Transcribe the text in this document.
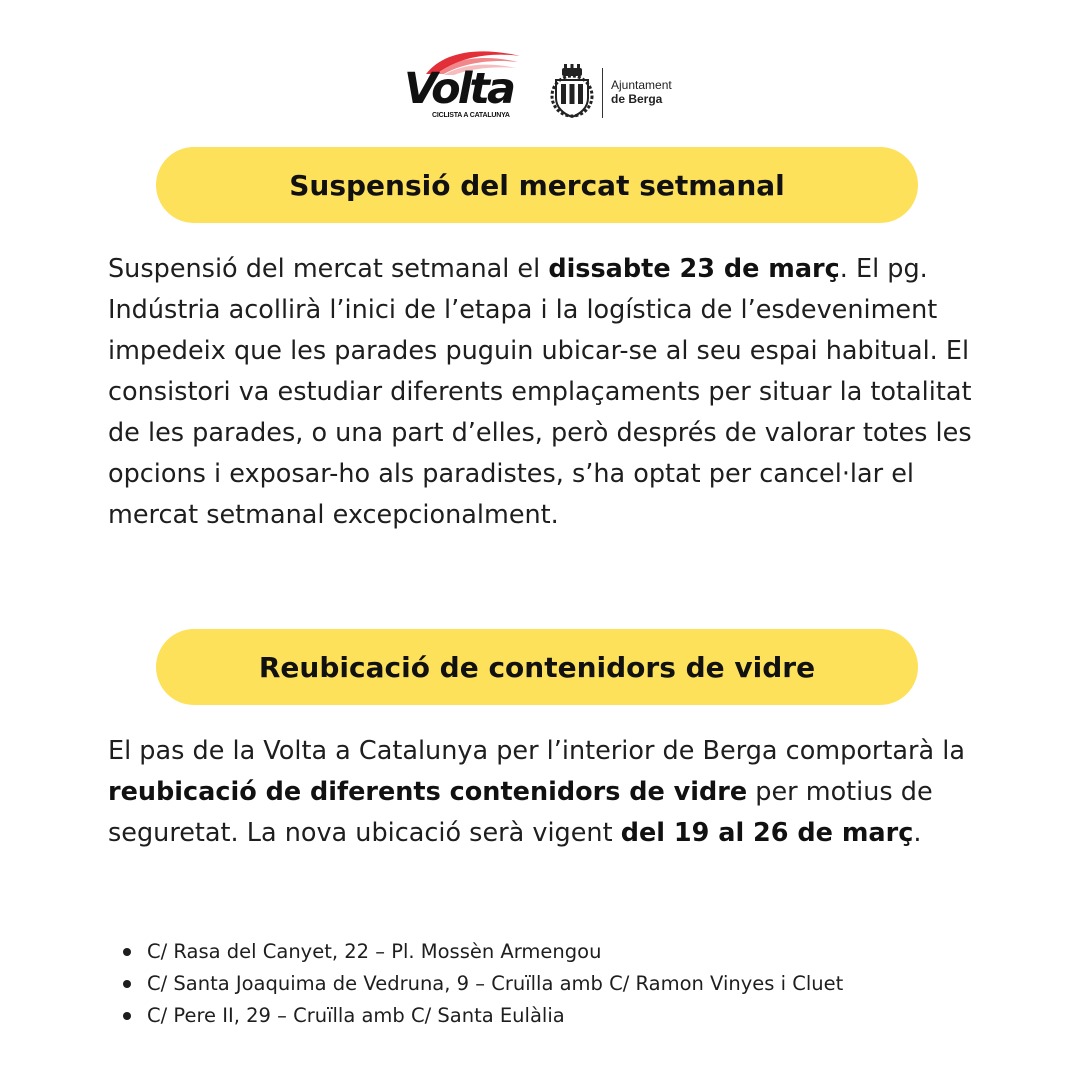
Volta
CICLISTA A CATALUNYA
Ajuntament
de Berga
Suspensió del mercat setmanal

Suspensió del mercat setmanal el dissabte 23 de març. El pg. Indústria acollirà l’inici de l’etapa i la logística de l’esdeveniment impedeix que les parades puguin ubicar-se al seu espai habitual. El consistori va estudiar diferents emplaçaments per situar la totalitat de les parades, o una part d’elles, però després de valorar totes les opcions i exposar-ho als paradistes, s’ha optat per cancel·lar el mercat setmanal excepcionalment.

Reubicació de contenidors de vidre

El pas de la Volta a Catalunya per l’interior de Berga comportarà la reubicació de diferents contenidors de vidre per motius de seguretat. La nova ubicació serà vigent del 19 al 26 de març.

C/ Rasa del Canyet, 22 – Pl. Mossèn Armengou
C/ Santa Joaquima de Vedruna, 9 – Cruïlla amb C/ Ramon Vinyes i Cluet
C/ Pere II, 29 – Cruïlla amb C/ Santa Eulàlia
